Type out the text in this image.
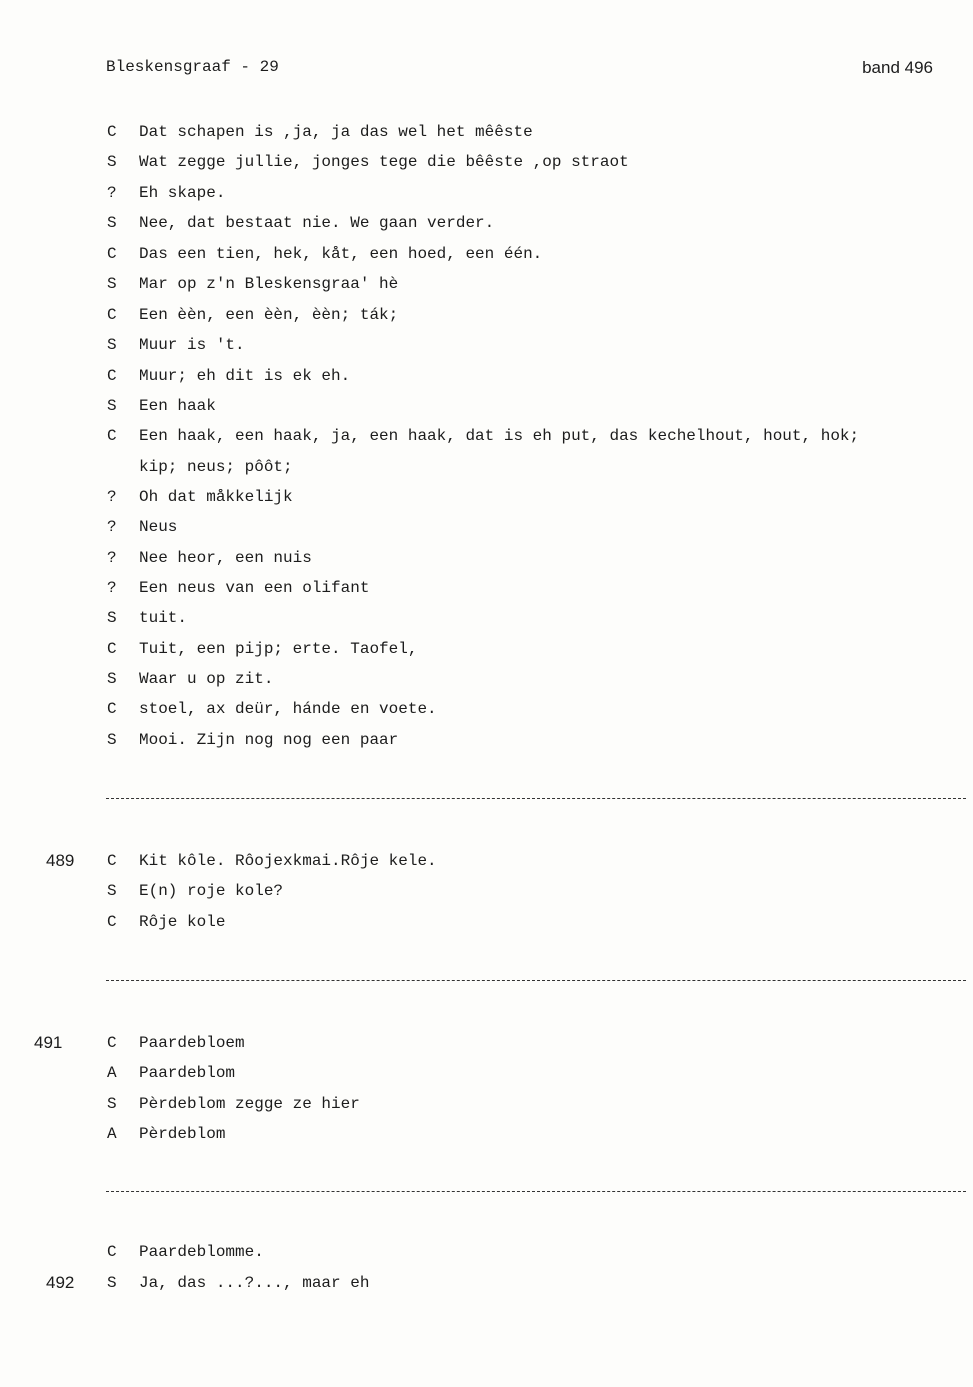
Bleskensgraaf - 29	band 496
C	Dat schapen is ,ja, ja das wel het mêêste
S	Wat zegge jullie, jonges tege die bêêste ,op straot
?	Eh skape.
S	Nee, dat bestaat nie. We gaan verder.
C	Das een tien, hek, kåt, een hoed, een één.
S	Mar op z'n Bleskensgraa' hè
C	Een èèn, een èèn, èèn; ták;
S	Muur is 't.
C	Muur; eh dit is ek eh.
S	Een haak
C	Een haak, een haak, ja, een haak, dat is eh put, das kechelhout, hout, hok;
kip; neus; pôôt;
?	Oh dat måkkelijk
?	Neus
?	Nee heor, een nuis
?	Een neus van een olifant
S	tuit.
C	Tuit, een pijp; erte. Taofel,
S	Waar u op zit.
C	stoel, ax deür, hánde en voete.
S	Mooi. Zijn nog nog een paar
489 C	Kit kôle. Rôojexkmai.Rôje kele.
S	E(n) roje kole?
C	Rôje kole
491	C	Paardebloem
A	Paardeblom
S	Pèrdeblom zegge ze hier
A	Pèrdeblom
C	Paardeblomme.
492 S	Ja, das ...?..., maar eh
